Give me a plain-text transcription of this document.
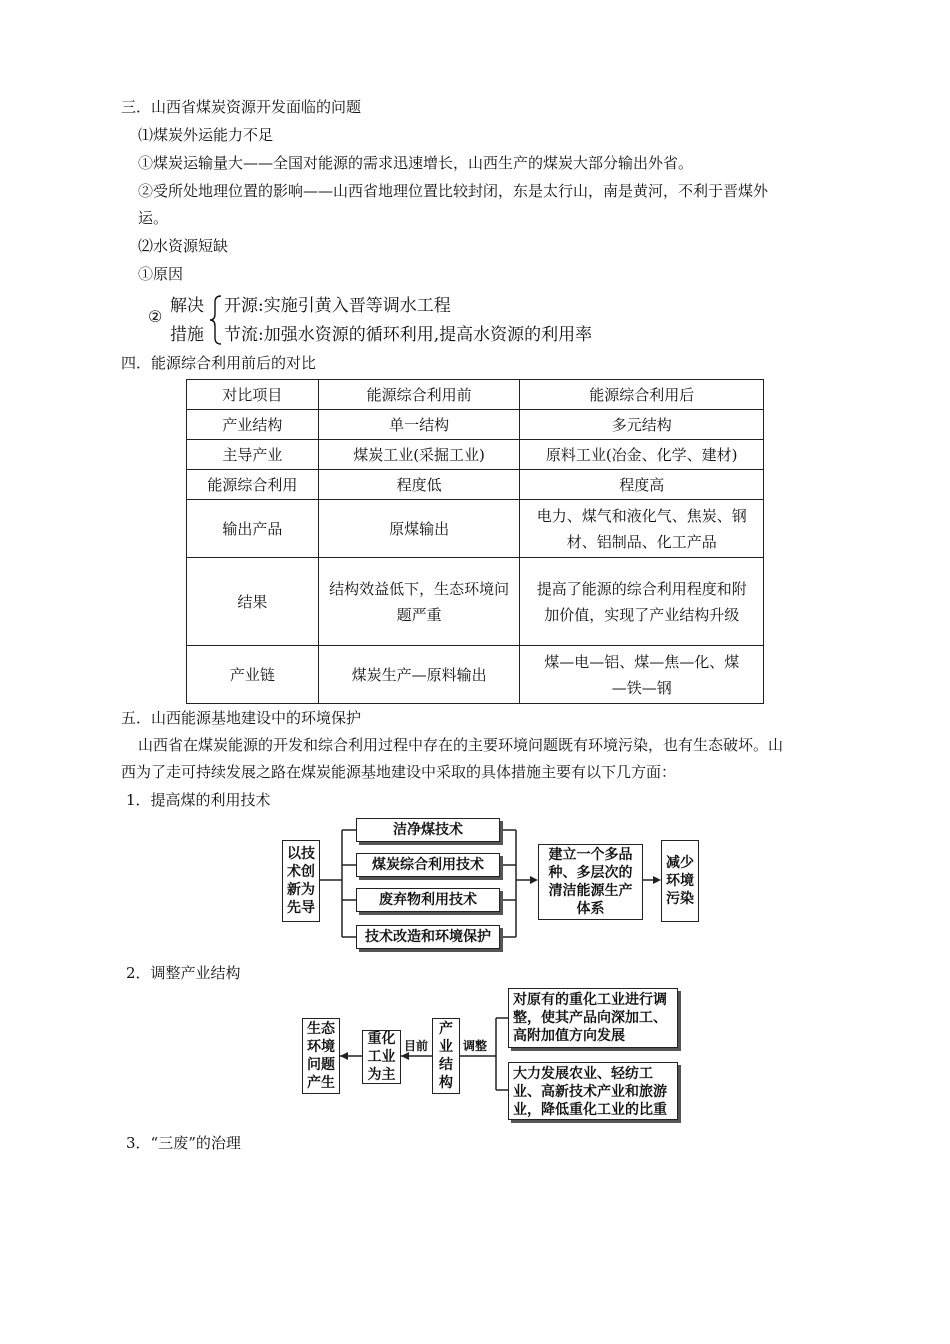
三．山西省煤炭资源开发面临的问题
⑴煤炭外运能力不足
①煤炭运输量大——全国对能源的需求迅速增长，山西生产的煤炭大部分输出外省。
②受所处地理位置的影响——山西省地理位置比较封闭，东是太行山，南是黄河，不利于晋煤外
运。
⑵水资源短缺
①原因
②
解决
措施
开源:实施引黄入晋等调水工程
节流:加强水资源的循环利用,提高水资源的利用率
四．能源综合利用前后的对比
对比项目	能源综合利用前	能源综合利用后
产业结构	单一结构	多元结构
主导产业	煤炭工业(采掘工业)	原料工业(冶金、化学、建材)
能源综合利用	程度低	程度高
输出产品	原煤输出	电力、煤气和液化气、焦炭、钢材、铝制品、化工产品
结果	结构效益低下，生态环境问题严重	提高了能源的综合利用程度和附加价值，实现了产业结构升级
产业链	煤炭生产—原料输出	煤—电—铝、煤—焦—化、煤—铁—钢
五．山西能源基地建设中的环境保护
山西省在煤炭能源的开发和综合利用过程中存在的主要环境问题既有环境污染，也有生态破坏。山
西为了走可持续发展之路在煤炭能源基地建设中采取的具体措施主要有以下几方面：
1．提高煤的利用技术
以技术创新为先导
洁净煤技术
煤炭综合利用技术
废弃物利用技术
技术改造和环境保护
建立一个多品种、多层次的清洁能源生产体系
减少环境污染
2．调整产业结构
生态环境问题产生
重化工业为主
目前
产业结构
调整
对原有的重化工业进行调整，使其产品向深加工、高附加值方向发展
大力发展农业、轻纺工业、高新技术产业和旅游业，降低重化工业的比重
3．“三废”的治理
